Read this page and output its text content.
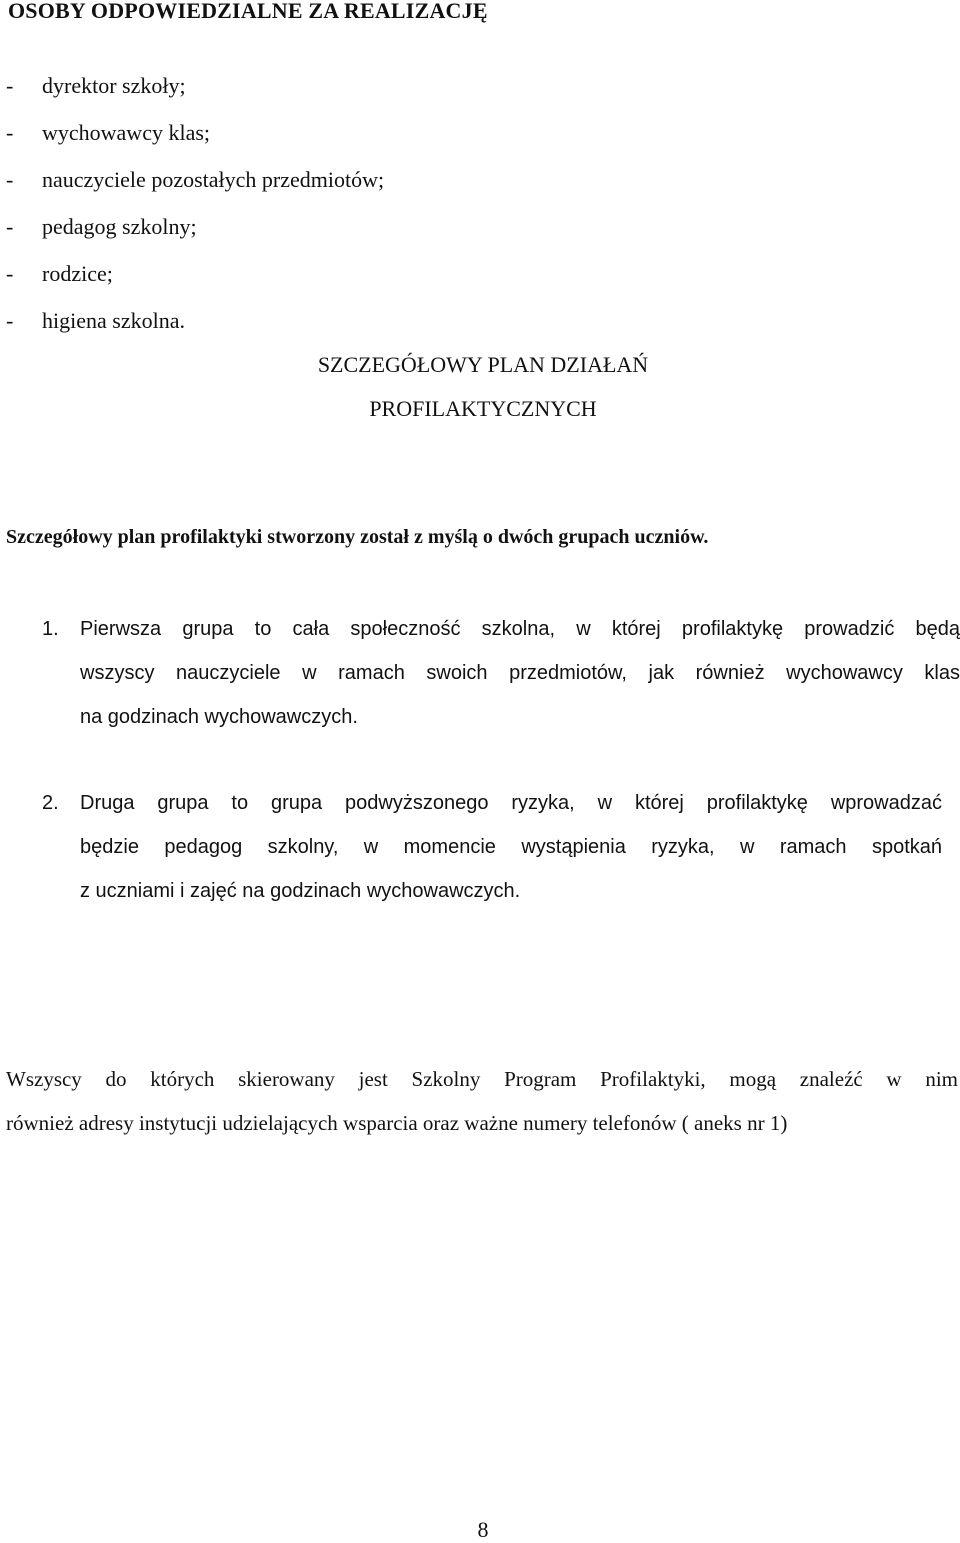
OSOBY ODPOWIEDZIALNE ZA REALIZACJĘ
- dyrektor szkoły;
- wychowawcy klas;
- nauczyciele pozostałych przedmiotów;
- pedagog szkolny;
- rodzice;
- higiena szkolna.
SZCZEGÓŁOWY PLAN DZIAŁAŃ
PROFILAKTYCZNYCH
Szczegółowy plan profilaktyki stworzony został z myślą o dwóch grupach uczniów.
1. Pierwsza grupa to cała społeczność szkolna, w której profilaktykę prowadzić będą
wszyscy nauczyciele w ramach swoich przedmiotów, jak również wychowawcy klas
na godzinach wychowawczych.
2. Druga grupa to grupa podwyższonego ryzyka, w której profilaktykę wprowadzać
będzie pedagog szkolny, w momencie wystąpienia ryzyka, w ramach spotkań
z uczniami i zajęć na godzinach wychowawczych.
Wszyscy do których skierowany jest Szkolny Program Profilaktyki, mogą znaleźć w nim
również adresy instytucji udzielających wsparcia oraz ważne numery telefonów ( aneks nr 1)
8
